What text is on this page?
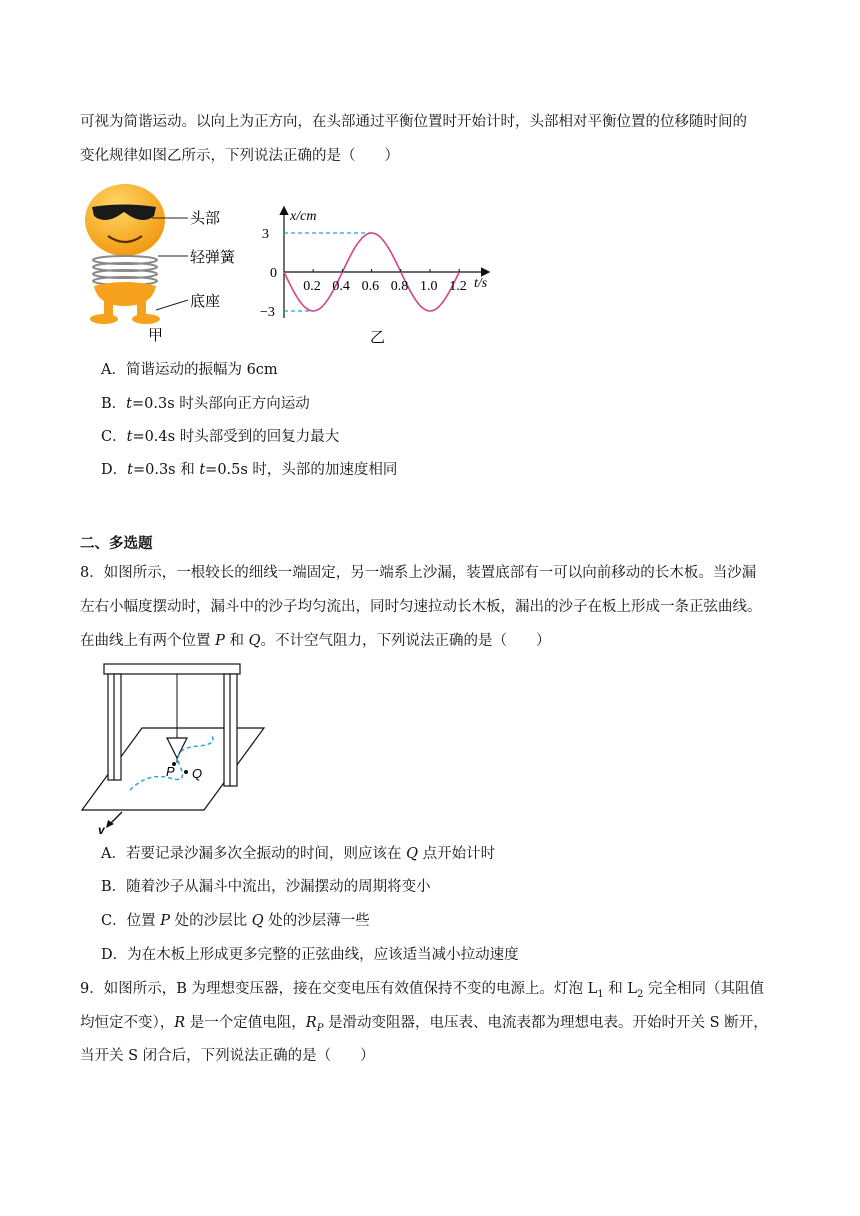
可视为简谐运动。以向上为正方向，在头部通过平衡位置时开始计时，头部相对平衡位置的位移随时间的
变化规律如图乙所示，下列说法正确的是（　　）
头部
轻弹簧
底座
甲
3
0
−3
0.2 0.4 0.6 0.8 1.0 1.2
x/cm
t/s
乙
A．简谐运动的振幅为 6cm
B．t=0.3s 时头部向正方向运动
C．t=0.4s 时头部受到的回复力最大
D．t=0.3s 和 t=0.5s 时，头部的加速度相同
二、多选题
8．如图所示，一根较长的细线一端固定，另一端系上沙漏，装置底部有一可以向前移动的长木板。当沙漏
左右小幅度摆动时，漏斗中的沙子均匀流出，同时匀速拉动长木板，漏出的沙子在板上形成一条正弦曲线。
在曲线上有两个位置 P 和 Q。不计空气阻力，下列说法正确的是（　　）
P Q
v
A．若要记录沙漏多次全振动的时间，则应该在 Q 点开始计时
B．随着沙子从漏斗中流出，沙漏摆动的周期将变小
C．位置 P 处的沙层比 Q 处的沙层薄一些
D．为在木板上形成更多完整的正弦曲线，应该适当减小拉动速度
9．如图所示，B 为理想变压器，接在交变电压有效值保持不变的电源上。灯泡 $L_1$ 和 $L_2$ 完全相同（其阻值
均恒定不变），R 是一个定值电阻，$R_P$ 是滑动变阻器，电压表、电流表都为理想电表。开始时开关 S 断开，
当开关 S 闭合后，下列说法正确的是（　　）
